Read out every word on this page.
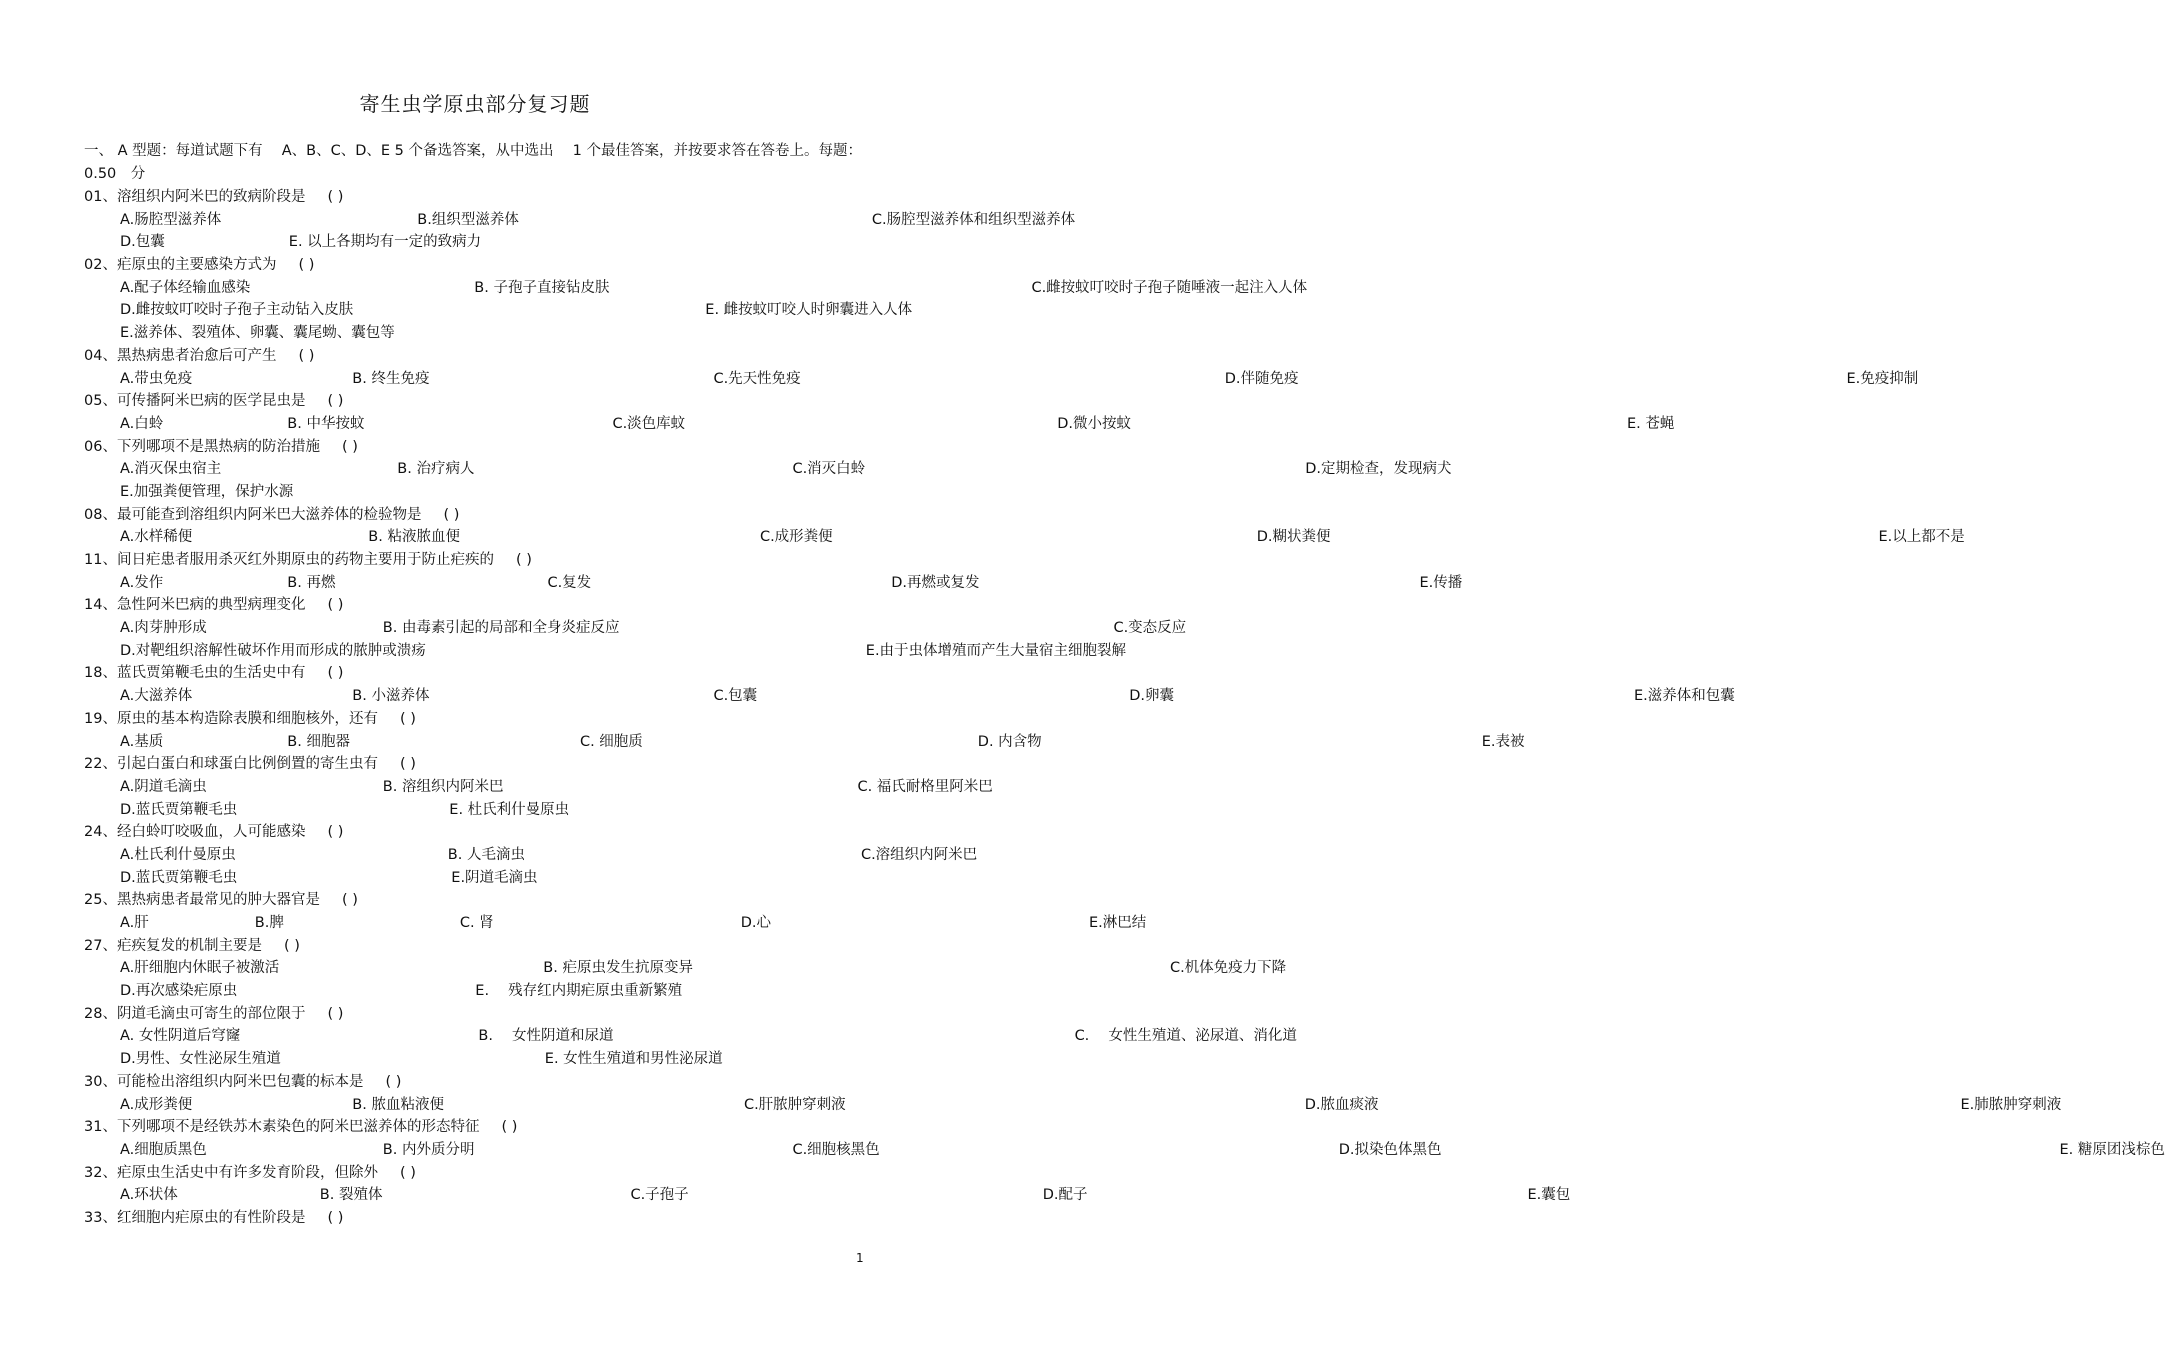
寄生虫学原虫部分复习题
一、 A 型题：每道试题下有　 A、B、C、D、E 5 个备选答案，从中选出　 1 个最佳答案，并按要求答在答卷上。每题：　0.50　分
01、溶组织内阿米巴的致病阶段是 ( )
A.肠腔型滋养体	B.组织型滋养体	C.肠腔型滋养体和组织型滋养体
D.包囊	E. 以上各期均有一定的致病力
02、疟原虫的主要感染方式为 ( )
A.配子体经输血感染	B. 子孢子直接钻皮肤	C.雌按蚊叮咬时子孢子随唾液一起注入人体
D.雌按蚊叮咬时子孢子主动钻入皮肤	E. 雌按蚊叮咬人时卵囊进入人体
E.滋养体、裂殖体、卵囊、囊尾蚴、囊包等
04、黑热病患者治愈后可产生 ( )
A.带虫免疫	B. 终生免疫	C.先天性免疫	D.伴随免疫	E.免疫抑制
05、可传播阿米巴病的医学昆虫是 ( )
A.白蛉	B. 中华按蚊	C.淡色库蚊	D.微小按蚊	E. 苍蝇
06、下列哪项不是黑热病的防治措施 ( )
A.消灭保虫宿主	B. 治疗病人	C.消灭白蛉	D.定期检查，发现病犬
E.加强粪便管理，保护水源
08、最可能查到溶组织内阿米巴大滋养体的检验物是 ( )
A.水样稀便	B. 粘液脓血便	C.成形粪便	D.糊状粪便	E.以上都不是
11、间日疟患者服用杀灭红外期原虫的药物主要用于防止疟疾的 ( )
A.发作	B. 再燃	C.复发	D.再燃或复发	E.传播
14、急性阿米巴病的典型病理变化 ( )
A.肉芽肿形成	B. 由毒素引起的局部和全身炎症反应	C.变态反应
D.对靶组织溶解性破坏作用而形成的脓肿或溃疡	E.由于虫体增殖而产生大量宿主细胞裂解
18、蓝氏贾第鞭毛虫的生活史中有 ( )
A.大滋养体	B. 小滋养体	C.包囊	D.卵囊	E.滋养体和包囊
19、原虫的基本构造除表膜和细胞核外，还有 ( )
A.基质	B. 细胞器	C. 细胞质	D. 内含物	E.表被
22、引起白蛋白和球蛋白比例倒置的寄生虫有 ( )
A.阴道毛滴虫	B. 溶组织内阿米巴	C. 福氏耐格里阿米巴
D.蓝氏贾第鞭毛虫	E. 杜氏利什曼原虫
24、经白蛉叮咬吸血，人可能感染 ( )
A.杜氏利什曼原虫	B. 人毛滴虫	C.溶组织内阿米巴
D.蓝氏贾第鞭毛虫	E.阴道毛滴虫
25、黑热病患者最常见的肿大器官是 ( )
A.肝	B.脾	C. 肾	D.心	E.淋巴结
27、疟疾复发的机制主要是 ( )
A.肝细胞内休眠子被激活	B. 疟原虫发生抗原变异	C.机体免疫力下降
D.再次感染疟原虫	E.　 残存红内期疟原虫重新繁殖
28、阴道毛滴虫可寄生的部位限于 ( )
A. 女性阴道后穹窿	B.　 女性阴道和尿道	C.　 女性生殖道、泌尿道、消化道
D.男性、女性泌尿生殖道	E. 女性生殖道和男性泌尿道
30、可能检出溶组织内阿米巴包囊的标本是 ( )
A.成形粪便	B. 脓血粘液便	C.肝脓肿穿刺液	D.脓血痰液	E.肺脓肿穿刺液
31、下列哪项不是经铁苏木素染色的阿米巴滋养体的形态特征 ( )
A.细胞质黑色	B. 内外质分明	C.细胞核黑色	D.拟染色体黑色	E. 糖原团浅棕色
32、疟原虫生活史中有许多发育阶段，但除外 ( )
A.环状体	B. 裂殖体	C.子孢子	D.配子	E.囊包
33、红细胞内疟原虫的有性阶段是 ( )
1
